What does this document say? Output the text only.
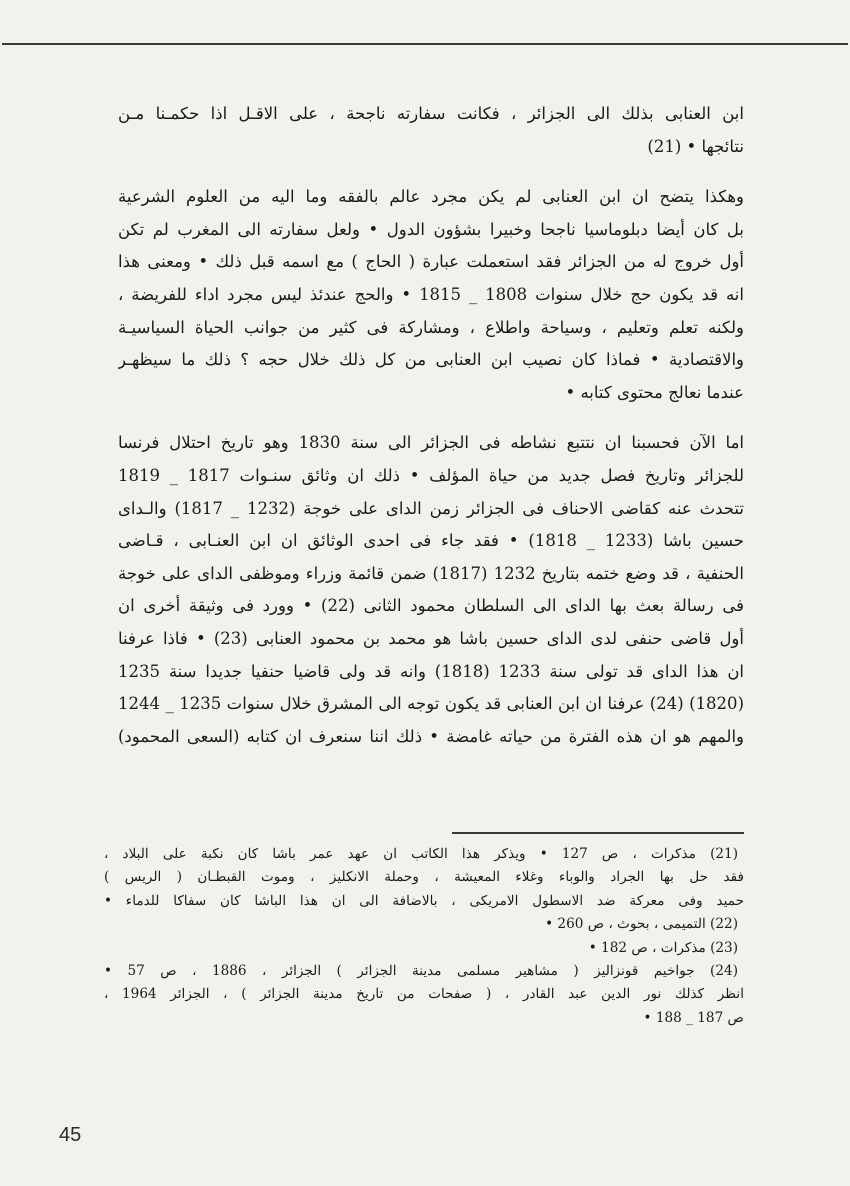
ابن العنابى بذلك الى الجزائر ، فكانت سفارته ناجحة ، على الاقـل اذا حكمـنا مـن
نتائجها • (21)

وهكذا يتضح ان ابن العنابى لم يكن مجرد عالم بالفقه وما اليه من العلوم الشرعية
بل كان أيضا دبلوماسيا ناجحا وخبيرا بشؤون الدول • ولعل سفارته الى المغرب لم تكن
أول خروج له من الجزائر فقد استعملت عبارة ( الحاج ) مع اسمه قبل ذلك • ومعنى هذا
انه قد يكون حج خلال سنوات 1808 _ 1815 • والحج عندئذ ليس مجرد اداء للفريضة ،
ولكنه تعلم وتعليم ، وسياحة واطلاع ، ومشاركة فى كثير من جوانب الحياة السياسيـة
والاقتصادية • فماذا كان نصيب ابن العنابى من كل ذلك خلال حجه ؟ ذلك ما سيظهـر
عندما نعالج محتوى كتابه •

اما الآن فحسبنا ان نتتبع نشاطه فى الجزائر الى سنة 1830 وهو تاريخ احتلال فرنسا
للجزائر وتاريخ فصل جديد من حياة المؤلف • ذلك ان وثائق سنـوات 1817 _ 1819
تتحدث عنه كقاضى الاحناف فى الجزائر زمن الداى على خوجة (1232 _ 1817) والـداى
حسين باشا (1233 _ 1818) • فقد جاء فى احدى الوثائق ان ابن العنـابى ، قـاضى
الحنفية ، قد وضع ختمه بتاريخ 1232 (1817) ضمن قائمة وزراء وموظفى الداى على خوجة
فى رسالة بعث بها الداى الى السلطان محمود الثانى (22) • وورد فى وثيقة أخرى ان
أول قاضى حنفى لدى الداى حسين باشا هو محمد بن محمود العنابى (23) • فاذا عرفنا
ان هذا الداى قد تولى سنة 1233 (1818) وانه قد ولى قاضيا حنفيا جديدا سنة 1235
(1820) (24) عرفنا ان ابن العنابى قد يكون توجه الى المشرق خلال سنوات 1235 _ 1244
والمهم هو ان هذه الفترة من حياته غامضة • ذلك اننا سنعرف ان كتابه (السعى المحمود)

(21) مذكرات ، ص 127 • ويذكر هذا الكاتب ان عهد عمر باشا كان نكبة على البلاد ،
فقد حل بها الجراد والوباء وغلاء المعيشة ، وحملة الانكليز ، وموت القبطـان ( الريس )
حميد وفى معركة ضد الاسطول الامريكى ، بالاضافة الى ان هذا الباشا كان سفاكا للدماء •
(22) التميمى ، بحوث ، ص 260 •
(23) مذكرات ، ص 182 •
(24) جواخيم قونزاليز ( مشاهير مسلمى مدينة الجزائر ) الجزائر ، 1886 ، ص 57 •
انظر كذلك نور الدين عبد القادر ، ( صفحات من تاريخ مدينة الجزائر ) ، الجزائر 1964 ،
ص 187 _ 188 •
45
